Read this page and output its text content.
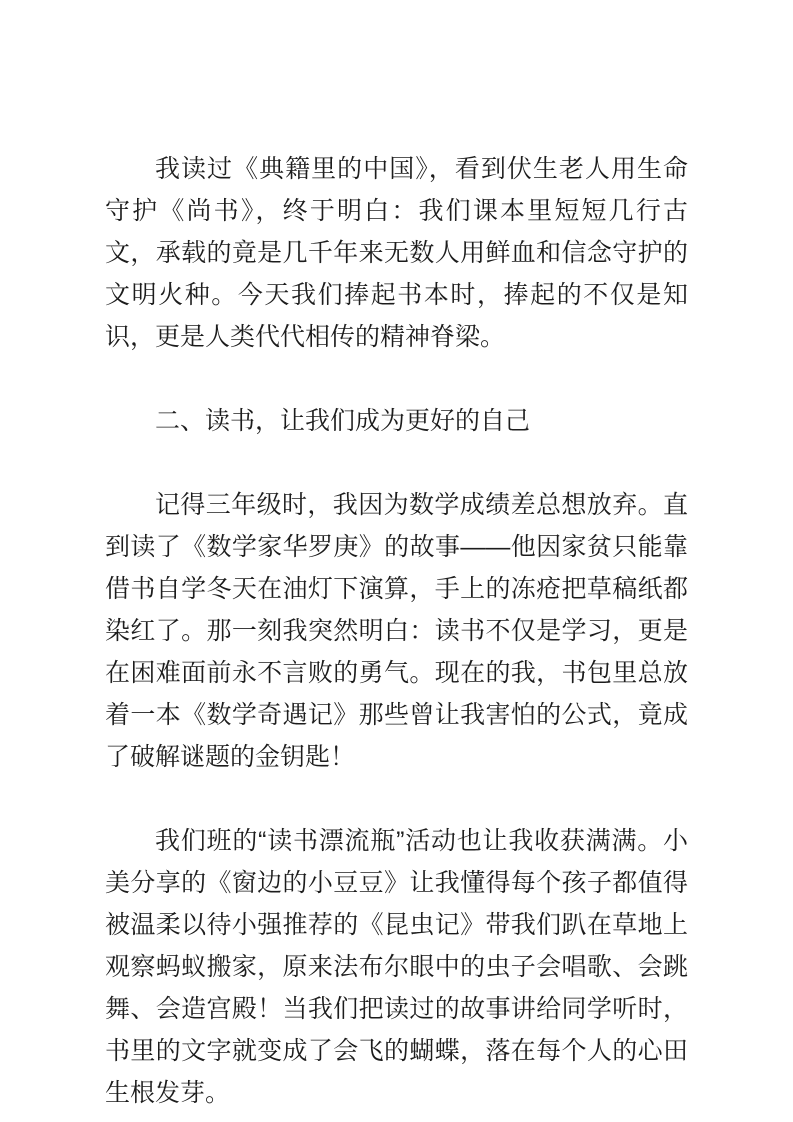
我读过《典籍里的中国》，看到伏生老人用生命守护《尚书》，终于明白：我们课本里短短几行古文，承载的竟是几千年来无数人用鲜血和信念守护的文明火种。今天我们捧起书本时，捧起的不仅是知识，更是人类代代相传的精神脊梁。
二、读书，让我们成为更好的自己
记得三年级时，我因为数学成绩差总想放弃。直到读了《数学家华罗庚》的故事——他因家贫只能靠借书自学冬天在油灯下演算，手上的冻疮把草稿纸都染红了。那一刻我突然明白：读书不仅是学习，更是在困难面前永不言败的勇气。现在的我，书包里总放着一本《数学奇遇记》那些曾让我害怕的公式，竟成了破解谜题的金钥匙！
我们班的“读书漂流瓶”活动也让我收获满满。小美分享的《窗边的小豆豆》让我懂得每个孩子都值得被温柔以待小强推荐的《昆虫记》带我们趴在草地上观察蚂蚁搬家，原来法布尔眼中的虫子会唱歌、会跳舞、会造宫殿！当我们把读过的故事讲给同学听时，书里的文字就变成了会飞的蝴蝶，落在每个人的心田生根发芽。
